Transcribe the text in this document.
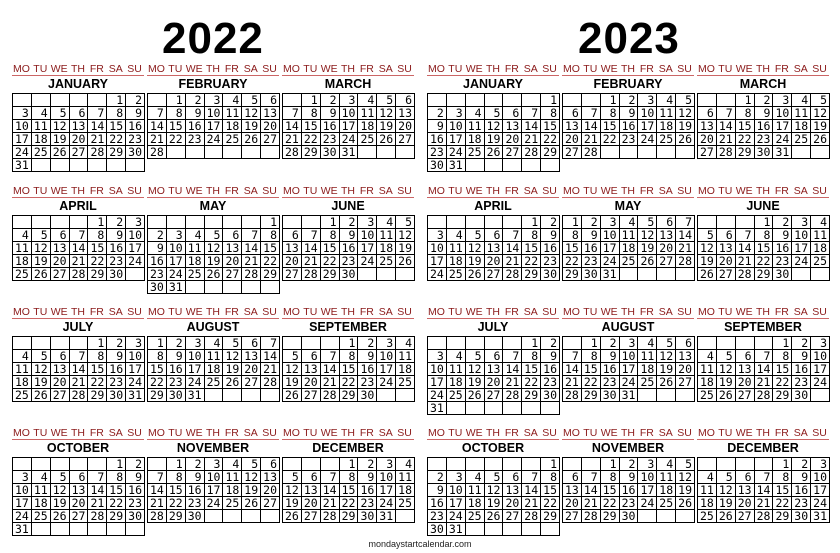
2022	2023
MO TU WE TH FR SA SU
JANUARY
					1	2
3	4	5	6	7	8	9
10	11	12	13	14	15	16
17	18	19	20	21	22	23
24	25	26	27	28	29	30
31						
MO TU WE TH FR SA SU
FEBRUARY
	1	2	3	4	5	6
7	8	9	10	11	12	13
14	15	16	17	18	19	20
21	22	23	24	25	26	27
28						
MO TU WE TH FR SA SU
MARCH
	1	2	3	4	5	6
7	8	9	10	11	12	13
14	15	16	17	18	19	20
21	22	23	24	25	26	27
28	29	30	31			
MO TU WE TH FR SA SU
APRIL
				1	2	3
4	5	6	7	8	9	10
11	12	13	14	15	16	17
18	19	20	21	22	23	24
25	26	27	28	29	30	
MO TU WE TH FR SA SU
MAY
						1
2	3	4	5	6	7	8
9	10	11	12	13	14	15
16	17	18	19	20	21	22
23	24	25	26	27	28	29
30	31					
MO TU WE TH FR SA SU
JUNE
		1	2	3	4	5
6	7	8	9	10	11	12
13	14	15	16	17	18	19
20	21	22	23	24	25	26
27	28	29	30			
MO TU WE TH FR SA SU
JULY
				1	2	3
4	5	6	7	8	9	10
11	12	13	14	15	16	17
18	19	20	21	22	23	24
25	26	27	28	29	30	31
MO TU WE TH FR SA SU
AUGUST
1	2	3	4	5	6	7
8	9	10	11	12	13	14
15	16	17	18	19	20	21
22	23	24	25	26	27	28
29	30	31				
MO TU WE TH FR SA SU
SEPTEMBER
			1	2	3	4
5	6	7	8	9	10	11
12	13	14	15	16	17	18
19	20	21	22	23	24	25
26	27	28	29	30		
MO TU WE TH FR SA SU
OCTOBER
					1	2
3	4	5	6	7	8	9
10	11	12	13	14	15	16
17	18	19	20	21	22	23
24	25	26	27	28	29	30
31						
MO TU WE TH FR SA SU
NOVEMBER
	1	2	3	4	5	6
7	8	9	10	11	12	13
14	15	16	17	18	19	20
21	22	23	24	25	26	27
28	29	30				
MO TU WE TH FR SA SU
DECEMBER
			1	2	3	4
5	6	7	8	9	10	11
12	13	14	15	16	17	18
19	20	21	22	23	24	25
26	27	28	29	30	31	
MO TU WE TH FR SA SU
JANUARY
						1
2	3	4	5	6	7	8
9	10	11	12	13	14	15
16	17	18	19	20	21	22
23	24	25	26	27	28	29
30	31					
MO TU WE TH FR SA SU
FEBRUARY
		1	2	3	4	5
6	7	8	9	10	11	12
13	14	15	16	17	18	19
20	21	22	23	24	25	26
27	28					
MO TU WE TH FR SA SU
MARCH
		1	2	3	4	5
6	7	8	9	10	11	12
13	14	15	16	17	18	19
20	21	22	23	24	25	26
27	28	29	30	31		
MO TU WE TH FR SA SU
APRIL
					1	2
3	4	5	6	7	8	9
10	11	12	13	14	15	16
17	18	19	20	21	22	23
24	25	26	27	28	29	30
MO TU WE TH FR SA SU
MAY
1	2	3	4	5	6	7
8	9	10	11	12	13	14
15	16	17	18	19	20	21
22	23	24	25	26	27	28
29	30	31				
MO TU WE TH FR SA SU
JUNE
			1	2	3	4
5	6	7	8	9	10	11
12	13	14	15	16	17	18
19	20	21	22	23	24	25
26	27	28	29	30		
MO TU WE TH FR SA SU
JULY
					1	2
3	4	5	6	7	8	9
10	11	12	13	14	15	16
17	18	19	20	21	22	23
24	25	26	27	28	29	30
31						
MO TU WE TH FR SA SU
AUGUST
	1	2	3	4	5	6
7	8	9	10	11	12	13
14	15	16	17	18	19	20
21	22	23	24	25	26	27
28	29	30	31			
MO TU WE TH FR SA SU
SEPTEMBER
				1	2	3
4	5	6	7	8	9	10
11	12	13	14	15	16	17
18	19	20	21	22	23	24
25	26	27	28	29	30	
MO TU WE TH FR SA SU
OCTOBER
						1
2	3	4	5	6	7	8
9	10	11	12	13	14	15
16	17	18	19	20	21	22
23	24	25	26	27	28	29
30	31					
MO TU WE TH FR SA SU
NOVEMBER
		1	2	3	4	5
6	7	8	9	10	11	12
13	14	15	16	17	18	19
20	21	22	23	24	25	26
27	28	29	30			
MO TU WE TH FR SA SU
DECEMBER
				1	2	3
4	5	6	7	8	9	10
11	12	13	14	15	16	17
18	19	20	21	22	23	24
25	26	27	28	29	30	31
mondaystartcalendar.com
